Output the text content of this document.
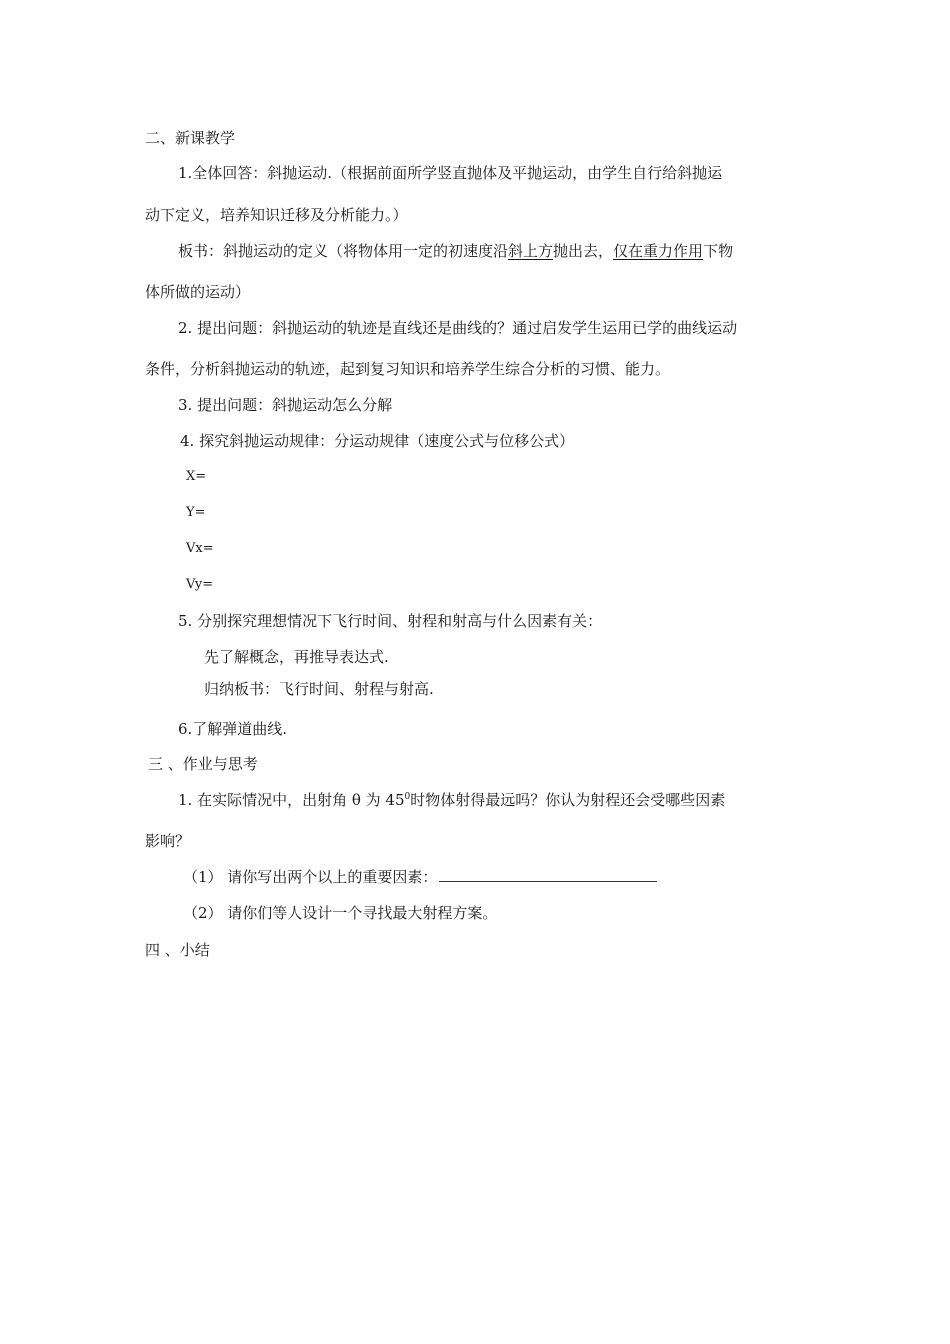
二、新课教学
1.全体回答：斜抛运动.（根据前面所学竖直抛体及平抛运动，由学生自行给斜抛运
动下定义，培养知识迁移及分析能力。）
板书：斜抛运动的定义（将物体用一定的初速度沿斜上方抛出去，仅在重力作用下物
体所做的运动）
2. 提出问题：斜抛运动的轨迹是直线还是曲线的？通过启发学生运用已学的曲线运动
条件，分析斜抛运动的轨迹，起到复习知识和培养学生综合分析的习惯、能力。
3. 提出问题：斜抛运动怎么分解
4. 探究斜抛运动规律：分运动规律（速度公式与位移公式）
X=
Y=
Vx=
Vy=
5. 分别探究理想情况下飞行时间、射程和射高与什么因素有关：
先了解概念，再推导表达式.
归纳板书：飞行时间、射程与射高.
6.了解弹道曲线.
三 、作业与思考
1. 在实际情况中，出射角 θ 为 $45^0$时物体射得最远吗？你认为射程还会受哪些因素
影响？
（1） 请你写出两个以上的重要因素：
（2） 请你们等人设计一个寻找最大射程方案。
四 、小结
